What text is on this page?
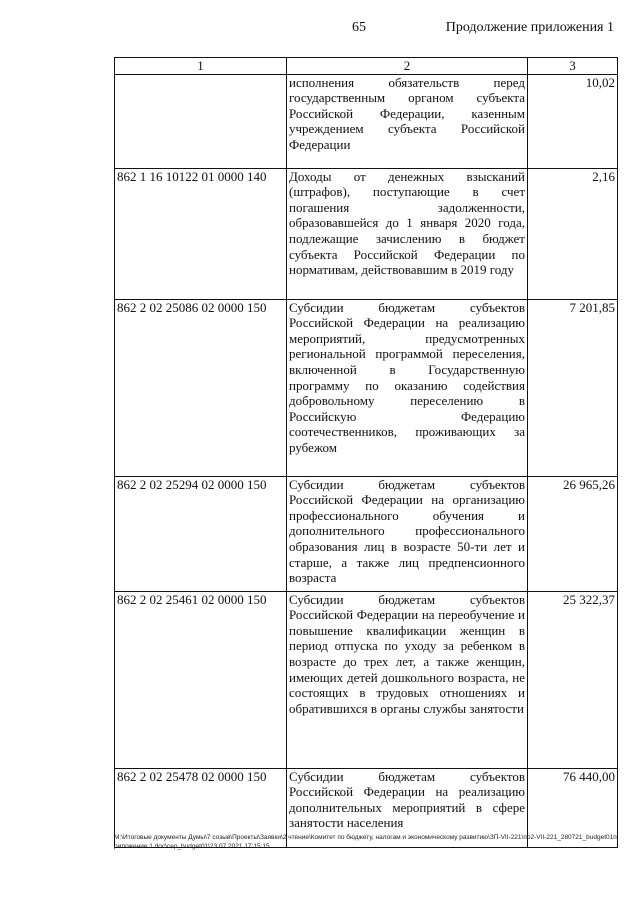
65	Продолжение приложения 1
1	2	3
	исполнения обязательств перед государственным органом субъекта Российской Федерации, казенным учреждением субъекта Российской Федерации	10,02
862 1 16 10122 01 0000 140	Доходы от денежных взысканий (штрафов), поступающие в счет погашения задолженности, образовавшейся до 1 января 2020 года, подлежащие зачислению в бюджет субъекта Российской Федерации по нормативам, действовавшим в 2019 году	2,16
862 2 02 25086 02 0000 150	Субсидии бюджетам субъектов Российской Федерации на реализацию мероприятий, предусмотренных региональной программой переселения, включенной в Государственную программу по оказанию содействия добровольному переселению в Российскую Федерацию соотечественников, проживающих за рубежом	7 201,85
862 2 02 25294 02 0000 150	Субсидии бюджетам субъектов Российской Федерации на организацию профессионального обучения и дополнительного профессионального образования лиц в возрасте 50-ти лет и старше, а также лиц предпенсионного возраста	26 965,26
862 2 02 25461 02 0000 150	Субсидии бюджетам субъектов Российской Федерации на переобучение и повышение квалификации женщин в период отпуска по уходу за ребенком в возрасте до трех лет, а также женщин, имеющих детей дошкольного возраста, не состоящих в трудовых отношениях и обратившихся в органы службы занятости	25 322,37
862 2 02 25478 02 0000 150	Субсидии бюджетам субъектов Российской Федерации на реализацию дополнительных мероприятий в сфере занятости населения	76 440,00
М:\Итоговые документы Думы\7 созыв\Проекты\Заявки\2 чтение\Комитет по бюджету, налогам и экономическому развитию\ЗП-VII-221\пр2-VII-221_280721_budget01приложение 1.doc\сер_budget01\23.07.2021 17:15:15
